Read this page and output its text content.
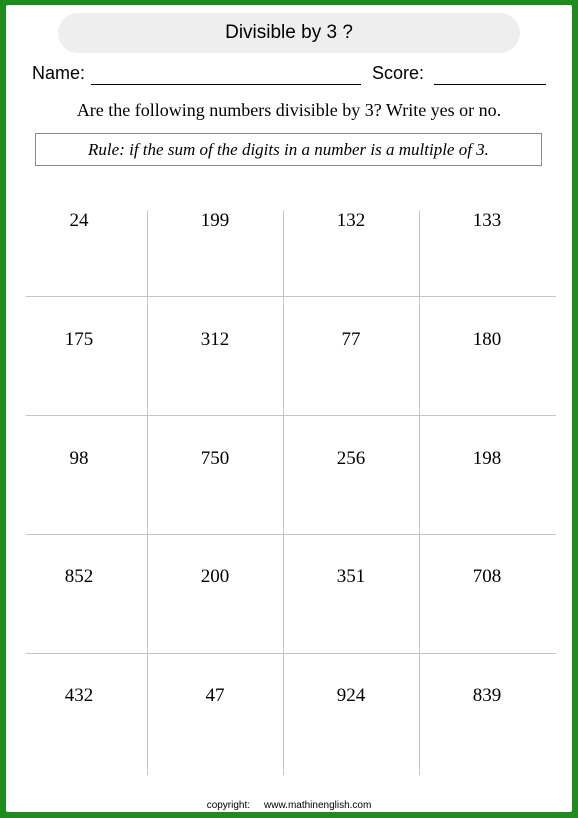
Divisible by 3 ?
Name:	Score:
Are the following numbers divisible by 3? Write yes or no.
Rule: if the sum of the digits in a number is a multiple of 3.
24	199	132	133
175	312	77	180
98	750	256	198
852	200	351	708
432	47	924	839
copyright: www.mathinenglish.com
